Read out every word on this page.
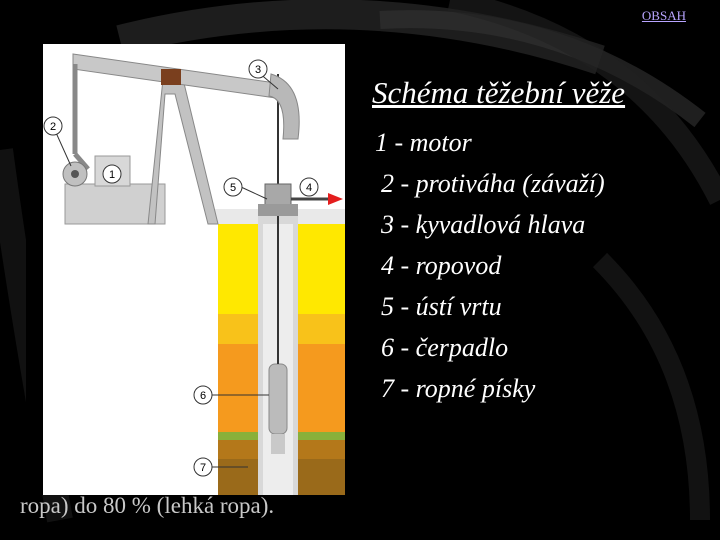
OBSAH
1
2
3
4
5
6
7
Schéma těžební věže
1 - motor
2 - protiváha (závaží)
3 - kyvadlová hlava
4 - ropovod
5 - ústí vrtu
6 - čerpadlo
7 - ropné písky
ropa) do 80 % (lehká ropa).
